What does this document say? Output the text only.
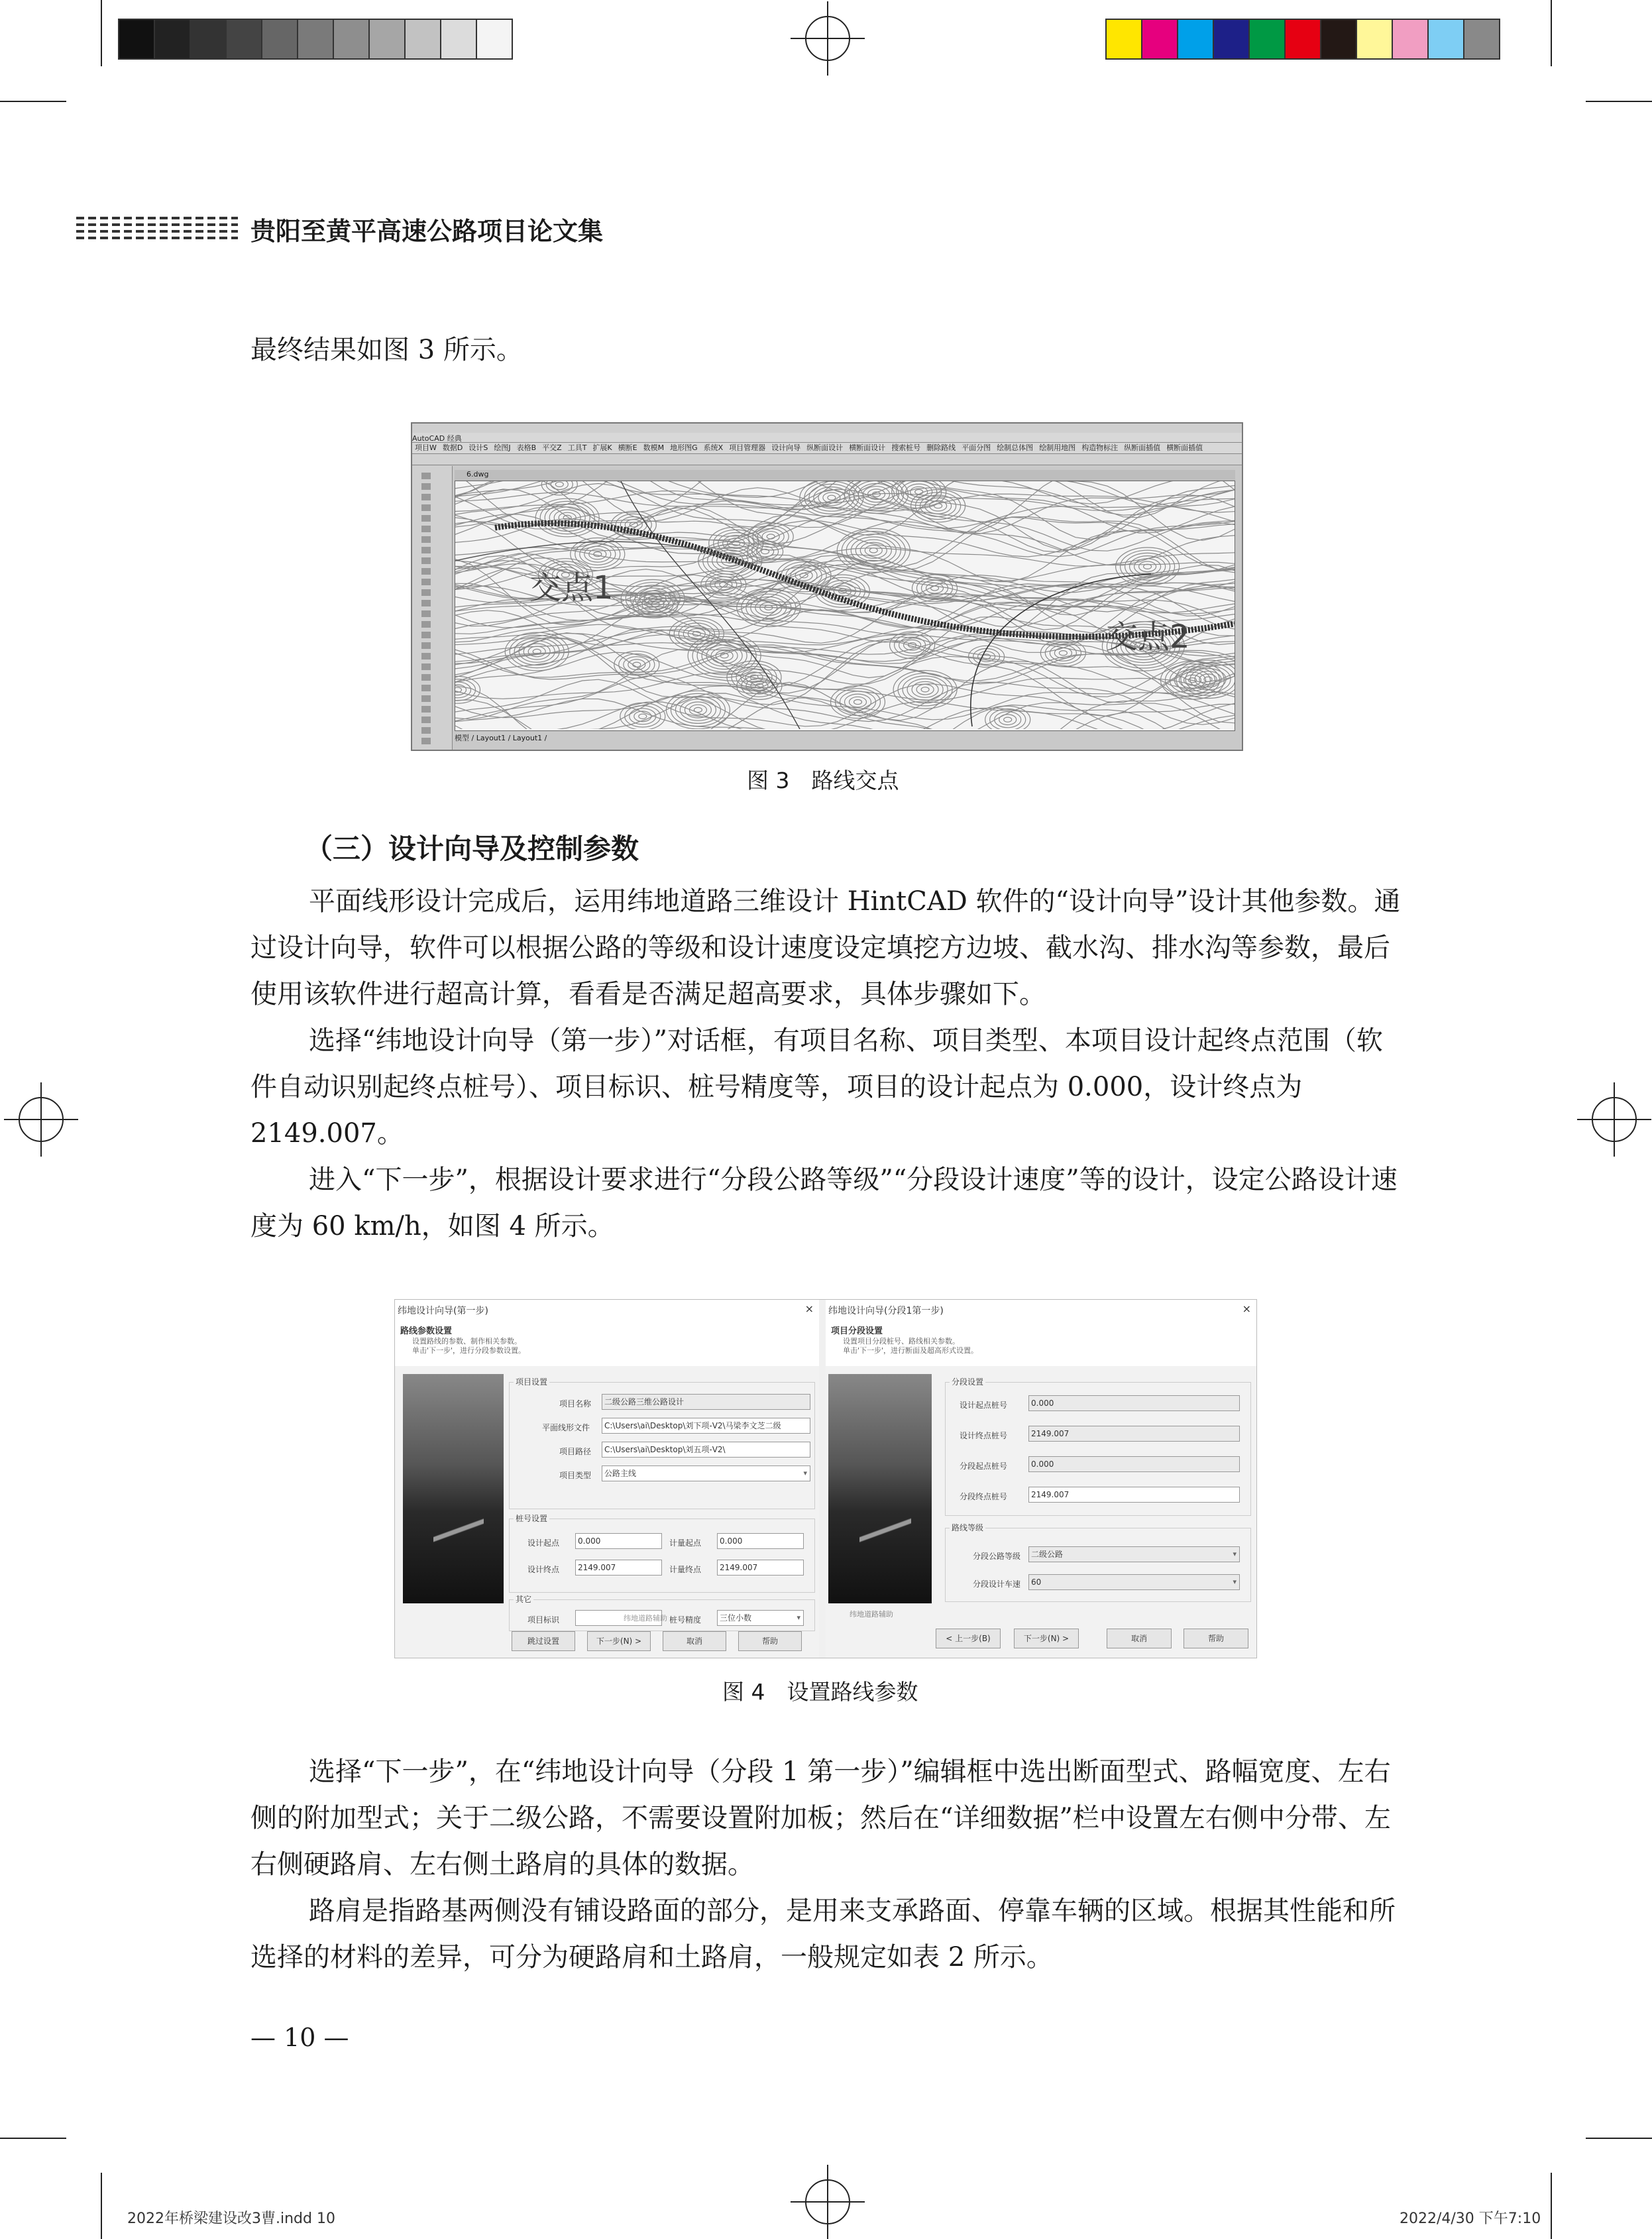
贵阳至黄平高速公路项目论文集

最终结果如图 3 所示。

AutoCAD 经典
项目W 数据D 设计S 绘图J 表格B 平交Z 工具T 扩展K 横断E 数模M 地形图G 系统X 项目管理器 设计向导 纵断面设计 横断面设计 搜索桩号 删除路线 平面分图 绘制总体图 绘制用地图 构造物标注 纵断面插值 横断面插值
6.dwg
交点1
交点2
模型 / Layout1 / Layout1 /
图 3　路线交点
（三）设计向导及控制参数

平面线形设计完成后，运用纬地道路三维设计 HintCAD 软件的“设计向导”设计其他参数。通过设计向导，软件可以根据公路的等级和设计速度设定填挖方边坡、截水沟、排水沟等参数，最后使用该软件进行超高计算，看看是否满足超高要求，具体步骤如下。

选择“纬地设计向导（第一步）”对话框，有项目名称、项目类型、本项目设计起终点范围（软件自动识别起终点桩号）、项目标识、桩号精度等，项目的设计起点为 0.000，设计终点为 2149.007。

进入“下一步”，根据设计要求进行“分段公路等级”“分段设计速度”等的设计，设定公路设计速度为 60 km/h，如图 4 所示。

纬地设计向导(第一步)	×
路线参数设置
设置路线的参数、制作相关参数。
单击'下一步'，进行分段参数设置。
项目设置
项目名称	二级公路三维公路设计
平面线形文件	C:\Users\ai\Desktop\刘下项-V2\马梁李文芝二级
项目路径	C:\Users\ai\Desktop\刘五项-V2\
项目类型	公路主线 ▾
桩号设置
设计起点	0.000	计量起点	0.000
设计终点	2149.007	计量终点	2149.007
其它
项目标识	桩号精度	三位小数 ▾
跳过设置	下一步(N) >	取消	帮助
纬地设计向导(分段1第一步)	×
项目分段设置
设置项目分段桩号、路线相关参数。
单击'下一步'，进行断面及超高形式设置。
分段设置
设计起点桩号	0.000
设计终点桩号	2149.007
分段起点桩号	0.000
分段终点桩号	2149.007
路线等级
分段公路等级	二级公路 ▾
分段设计车速	60 ▾
纬地道路辅助
< 上一步(B)	下一步(N) >	取消	帮助
纬地道路辅助
图 4　设置路线参数

选择“下一步”，在“纬地设计向导（分段 1 第一步）”编辑框中选出断面型式、路幅宽度、左右侧的附加型式；关于二级公路，不需要设置附加板；然后在“详细数据”栏中设置左右侧中分带、左右侧硬路肩、左右侧土路肩的具体的数据。

路肩是指路基两侧没有铺设路面的部分，是用来支承路面、停靠车辆的区域。根据其性能和所选择的材料的差异，可分为硬路肩和土路肩，一般规定如表 2 所示。

— 10 —
2022年桥梁建设改3曹.indd 10	2022/4/30 下午7:10
